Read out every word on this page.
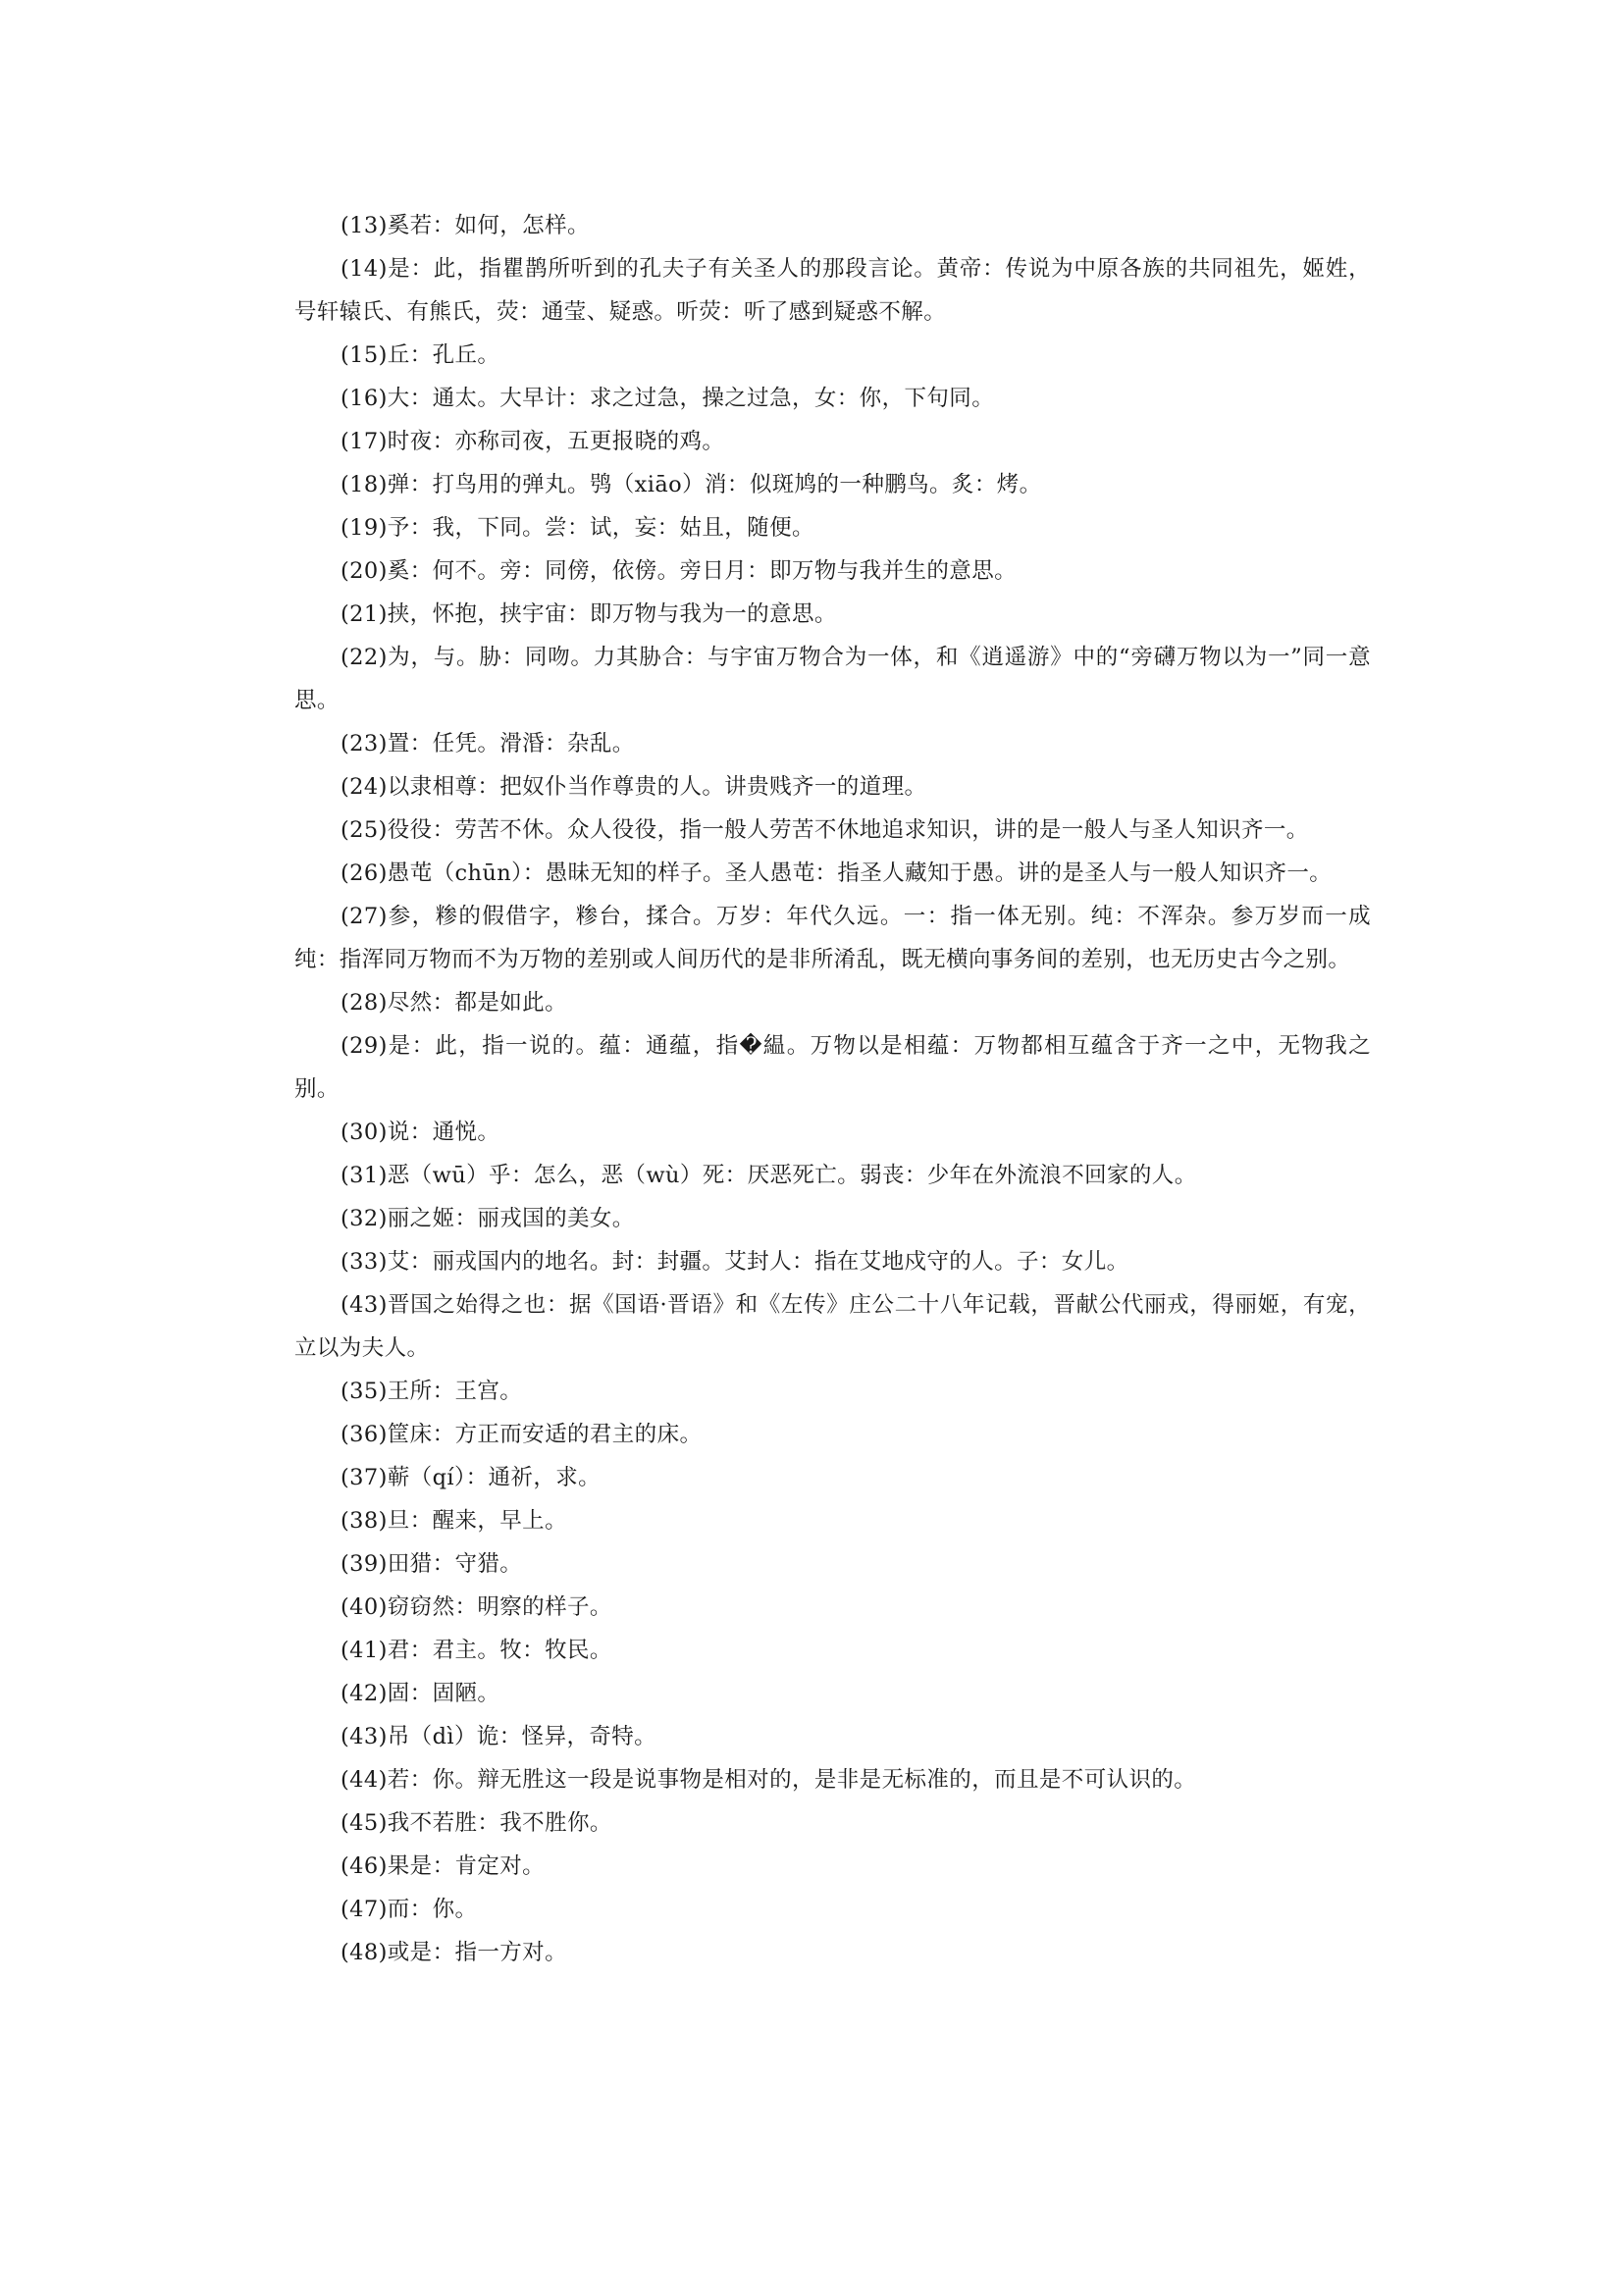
(13)奚若：如何，怎样。

(14)是：此，指瞿鹊所听到的孔夫子有关圣人的那段言论。黄帝：传说为中原各族的共同祖先，姬姓，号轩辕氏、有熊氏，荧：通莹、疑惑。听荧：听了感到疑惑不解。

(15)丘：孔丘。

(16)大：通太。大早计：求之过急，操之过急，女：你，下句同。

(17)时夜：亦称司夜，五更报晓的鸡。

(18)弹：打鸟用的弹丸。鸮（xiāo）消：似斑鸠的一种鹏鸟。炙：烤。

(19)予：我，下同。尝：试，妄：姑且，随便。

(20)奚：何不。旁：同傍，依傍。旁日月：即万物与我并生的意思。

(21)挟，怀抱，挟宇宙：即万物与我为一的意思。

(22)为，与。胁：同吻。力其胁合：与宇宙万物合为一体，和《逍遥游》中的“旁礴万物以为一”同一意思。

(23)置：任凭。滑涽：杂乱。

(24)以隶相尊：把奴仆当作尊贵的人。讲贵贱齐一的道理。

(25)役役：劳苦不休。众人役役，指一般人劳苦不休地追求知识，讲的是一般人与圣人知识齐一。

(26)愚芚（chūn）：愚昧无知的样子。圣人愚芚：指圣人藏知于愚。讲的是圣人与一般人知识齐一。

(27)参，糁的假借字，糁台，揉合。万岁：年代久远。一：指一体无别。纯：不浑杂。参万岁而一成纯：指浑同万物而不为万物的差别或人间历代的是非所淆乱，既无横向事务间的差别，也无历史古今之别。

(28)尽然：都是如此。

(29)是：此，指一说的。蕴：通蕴，指�緼。万物以是相蕴：万物都相互蕴含于齐一之中，无物我之别。

(30)说：通悦。

(31)恶（wū）乎：怎么，恶（wù）死：厌恶死亡。弱丧：少年在外流浪不回家的人。

(32)丽之姬：丽戎国的美女。

(33)艾：丽戎国内的地名。封：封疆。艾封人：指在艾地戍守的人。子：女儿。

(43)晋国之始得之也：据《国语·晋语》和《左传》庄公二十八年记载，晋献公代丽戎，得丽姬，有宠，立以为夫人。

(35)王所：王宫。

(36)筐床：方正而安适的君主的床。

(37)蕲（qí）：通祈，求。

(38)旦：醒来，早上。

(39)田猎：守猎。

(40)窃窃然：明察的样子。

(41)君：君主。牧：牧民。

(42)固：固陋。

(43)吊（dì）诡：怪异，奇特。

(44)若：你。辩无胜这一段是说事物是相对的，是非是无标准的，而且是不可认识的。

(45)我不若胜：我不胜你。

(46)果是：肯定对。

(47)而：你。

(48)或是：指一方对。
